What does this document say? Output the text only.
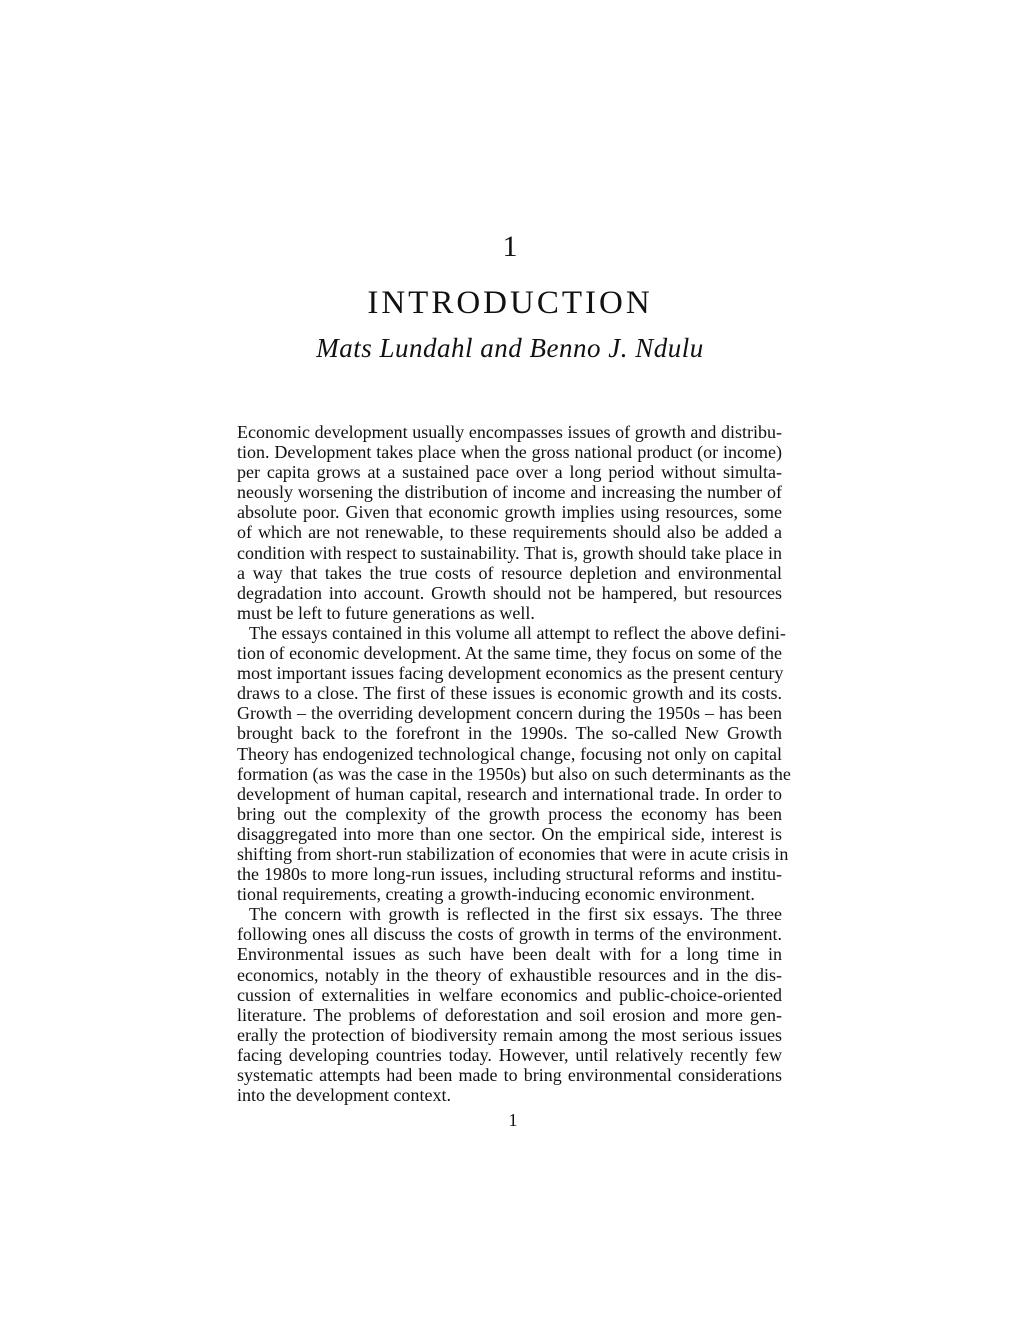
1
INTRODUCTION
Mats Lundahl and Benno J. Ndulu
Economic development usually encompasses issues of growth and distribu-
tion. Development takes place when the gross national product (or income)
per capita grows at a sustained pace over a long period without simulta-
neously worsening the distribution of income and increasing the number of
absolute poor. Given that economic growth implies using resources, some
of which are not renewable, to these requirements should also be added a
condition with respect to sustainability. That is, growth should take place in
a way that takes the true costs of resource depletion and environmental
degradation into account. Growth should not be hampered, but resources
must be left to future generations as well.
The essays contained in this volume all attempt to reflect the above defini-
tion of economic development. At the same time, they focus on some of the
most important issues facing development economics as the present century
draws to a close. The first of these issues is economic growth and its costs.
Growth – the overriding development concern during the 1950s – has been
brought back to the forefront in the 1990s. The so-called New Growth
Theory has endogenized technological change, focusing not only on capital
formation (as was the case in the 1950s) but also on such determinants as the
development of human capital, research and international trade. In order to
bring out the complexity of the growth process the economy has been
disaggregated into more than one sector. On the empirical side, interest is
shifting from short-run stabilization of economies that were in acute crisis in
the 1980s to more long-run issues, including structural reforms and institu-
tional requirements, creating a growth-inducing economic environment.
The concern with growth is reflected in the first six essays. The three
following ones all discuss the costs of growth in terms of the environment.
Environmental issues as such have been dealt with for a long time in
economics, notably in the theory of exhaustible resources and in the dis-
cussion of externalities in welfare economics and public-choice-oriented
literature. The problems of deforestation and soil erosion and more gen-
erally the protection of biodiversity remain among the most serious issues
facing developing countries today. However, until relatively recently few
systematic attempts had been made to bring environmental considerations
into the development context.
1
